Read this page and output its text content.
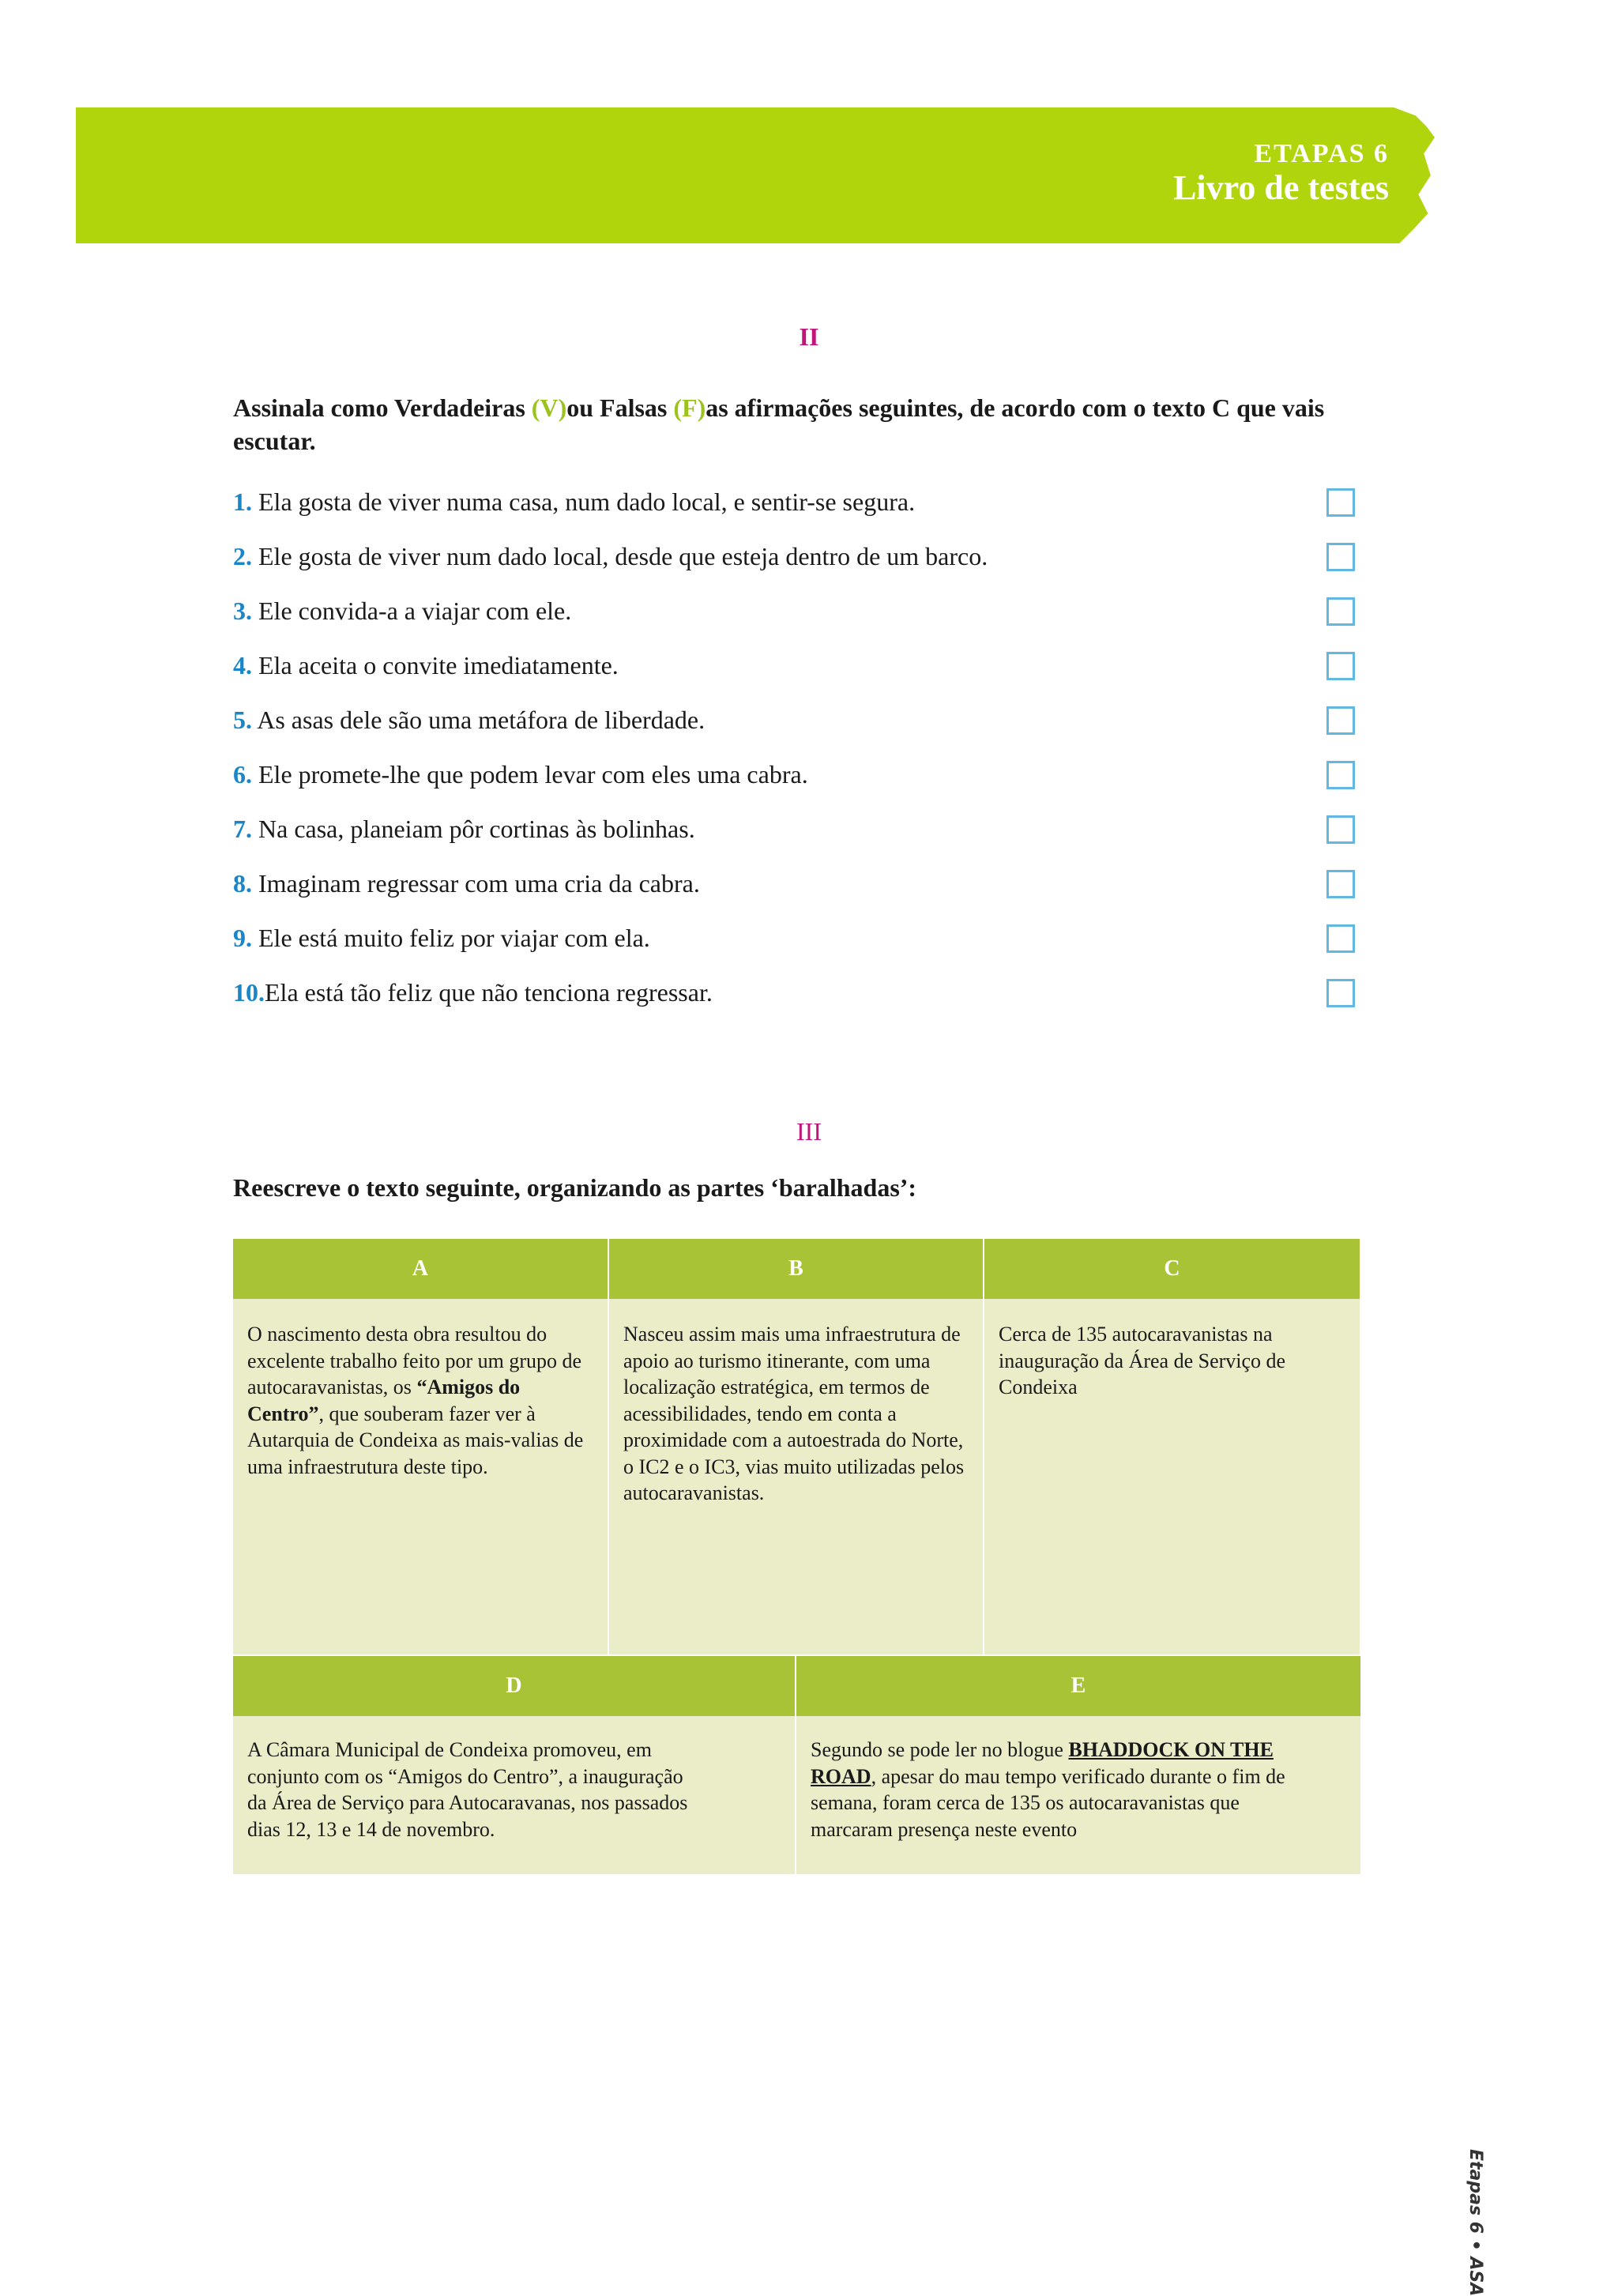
ETAPAS 6
Livro de testes
II
Assinala como Verdadeiras (V)ou Falsas (F)as afirmações seguintes, de acordo com o texto C que vais escutar.
1. Ela gosta de viver numa casa, num dado local, e sentir-se segura.
2. Ele gosta de viver num dado local, desde que esteja dentro de um barco.
3. Ele convida-a a viajar com ele.
4. Ela aceita o convite imediatamente.
5. As asas dele são uma metáfora de liberdade.
6. Ele promete-lhe que podem levar com eles uma cabra.
7. Na casa, planeiam pôr cortinas às bolinhas.
8. Imaginam regressar com uma cria da cabra.
9. Ele está muito feliz por viajar com ela.
10.Ela está tão feliz que não tenciona regressar.
III
Reescreve o texto seguinte, organizando as partes ‘baralhadas’:
A	B	C
O nascimento desta obra resultou do excelente trabalho feito por um grupo de autocaravanistas, os “Amigos do Centro”, que souberam fazer ver à Autarquia de Condeixa as mais-valias de uma infraestrutura deste tipo.
Nasceu assim mais uma infraestrutura de apoio ao turismo itinerante, com uma localização estratégica, em termos de acessibilidades, tendo em conta a proximidade com a autoestrada do Norte, o IC2 e o IC3, vias muito utilizadas pelos autocaravanistas.
Cerca de 135 autocaravanistas na inauguração da Área de Serviço de Condeixa
D	E
A Câmara Municipal de Condeixa promoveu, em conjunto com os “Amigos do Centro”, a inauguração da Área de Serviço para Autocaravanas, nos passados dias 12, 13 e 14 de novembro.
Segundo se pode ler no blogue BHADDOCK ON THE ROAD, apesar do mau tempo verificado durante o fim de semana, foram cerca de 135 os autocaravanistas que marcaram presença neste evento
Etapas 6 • ASA
